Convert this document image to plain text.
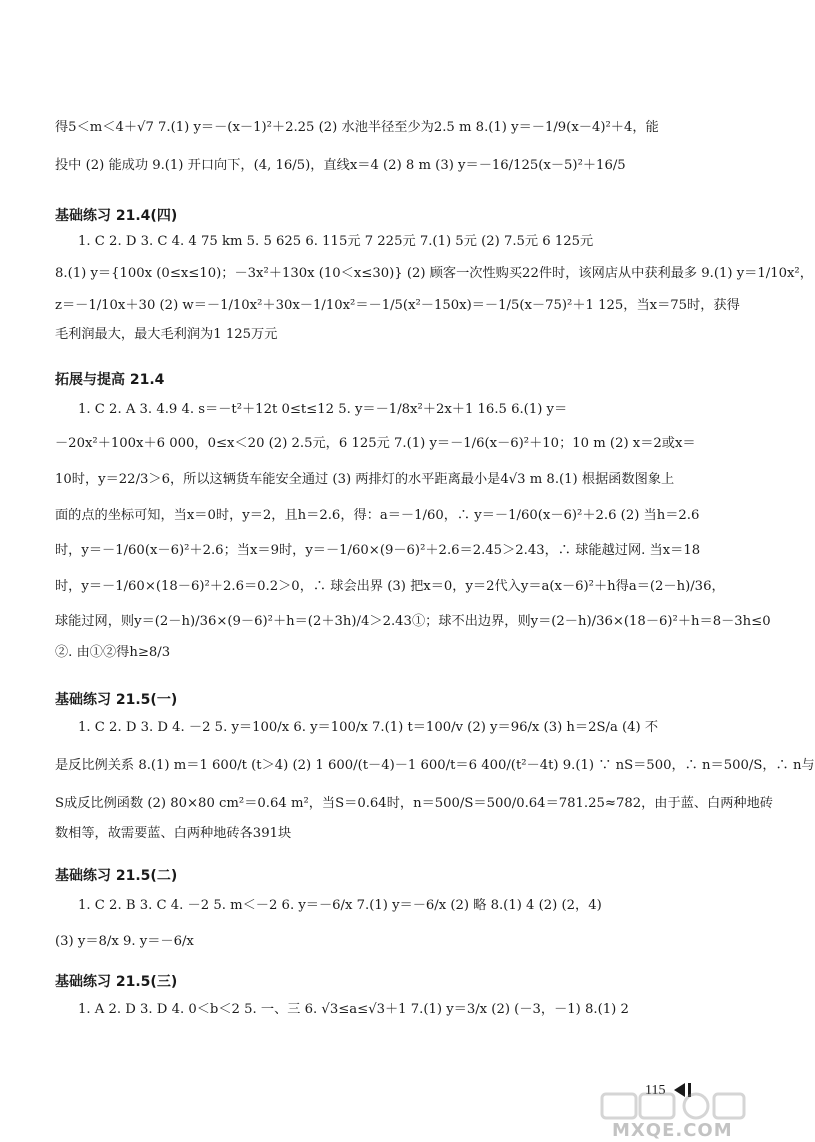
得5＜m＜4＋√7 7.(1) y＝－(x－1)²＋2.25 (2) 水池半径至少为2.5 m 8.(1) y＝－1/9(x－4)²＋4，能
投中 (2) 能成功 9.(1) 开口向下，(4, 16/5)，直线x＝4 (2) 8 m (3) y＝－16/125(x－5)²＋16/5
基础练习 21.4(四)
1. C 2. D 3. C 4. 4 75 km 5. 5 625 6. 115元 7 225元 7.(1) 5元 (2) 7.5元 6 125元
8.(1) y＝{100x (0≤x≤10)；－3x²＋130x (10＜x≤30)} (2) 顾客一次性购买22件时，该网店从中获利最多 9.(1) y＝1/10x²，
z＝－1/10x＋30 (2) w＝－1/10x²＋30x－1/10x²＝－1/5(x²－150x)＝－1/5(x－75)²＋1 125，当x＝75时，获得
毛利润最大，最大毛利润为1 125万元
拓展与提高 21.4
1. C 2. A 3. 4.9 4. s＝－t²＋12t 0≤t≤12 5. y＝－1/8x²＋2x＋1 16.5 6.(1) y＝
－20x²＋100x＋6 000，0≤x＜20 (2) 2.5元，6 125元 7.(1) y＝－1/6(x－6)²＋10；10 m (2) x＝2或x＝
10时，y＝22/3＞6，所以这辆货车能安全通过 (3) 两排灯的水平距离最小是4√3 m 8.(1) 根据函数图象上
面的点的坐标可知，当x＝0时，y＝2，且h＝2.6，得：a＝－1/60，∴ y＝－1/60(x－6)²＋2.6 (2) 当h＝2.6
时，y＝－1/60(x－6)²＋2.6；当x＝9时，y＝－1/60×(9－6)²＋2.6＝2.45＞2.43，∴ 球能越过网. 当x＝18
时，y＝－1/60×(18－6)²＋2.6＝0.2＞0，∴ 球会出界 (3) 把x＝0，y＝2代入y＝a(x－6)²＋h得a＝(2－h)/36，
球能过网，则y＝(2－h)/36×(9－6)²＋h＝(2＋3h)/4＞2.43①；球不出边界，则y＝(2－h)/36×(18－6)²＋h＝8－3h≤0
②. 由①②得h≥8/3
基础练习 21.5(一)
1. C 2. D 3. D 4. －2 5. y＝100/x 6. y＝100/x 7.(1) t＝100/v (2) y＝96/x (3) h＝2S/a (4) 不
是反比例关系 8.(1) m＝1 600/t (t＞4) (2) 1 600/(t－4)－1 600/t＝6 400/(t²－4t) 9.(1) ∵ nS＝500，∴ n＝500/S，∴ n与
S成反比例函数 (2) 80×80 cm²＝0.64 m²，当S＝0.64时，n＝500/S＝500/0.64＝781.25≈782，由于蓝、白两种地砖
数相等，故需要蓝、白两种地砖各391块
基础练习 21.5(二)
1. C 2. B 3. C 4. －2 5. m＜－2 6. y＝－6/x 7.(1) y＝－6/x (2) 略 8.(1) 4 (2) (2，4)
(3) y＝8/x 9. y＝－6/x
基础练习 21.5(三)
1. A 2. D 3. D 4. 0＜b＜2 5. 一、三 6. √3≤a≤√3＋1 7.(1) y＝3/x (2) (－3，－1) 8.(1) 2
115
MXQE.COM
